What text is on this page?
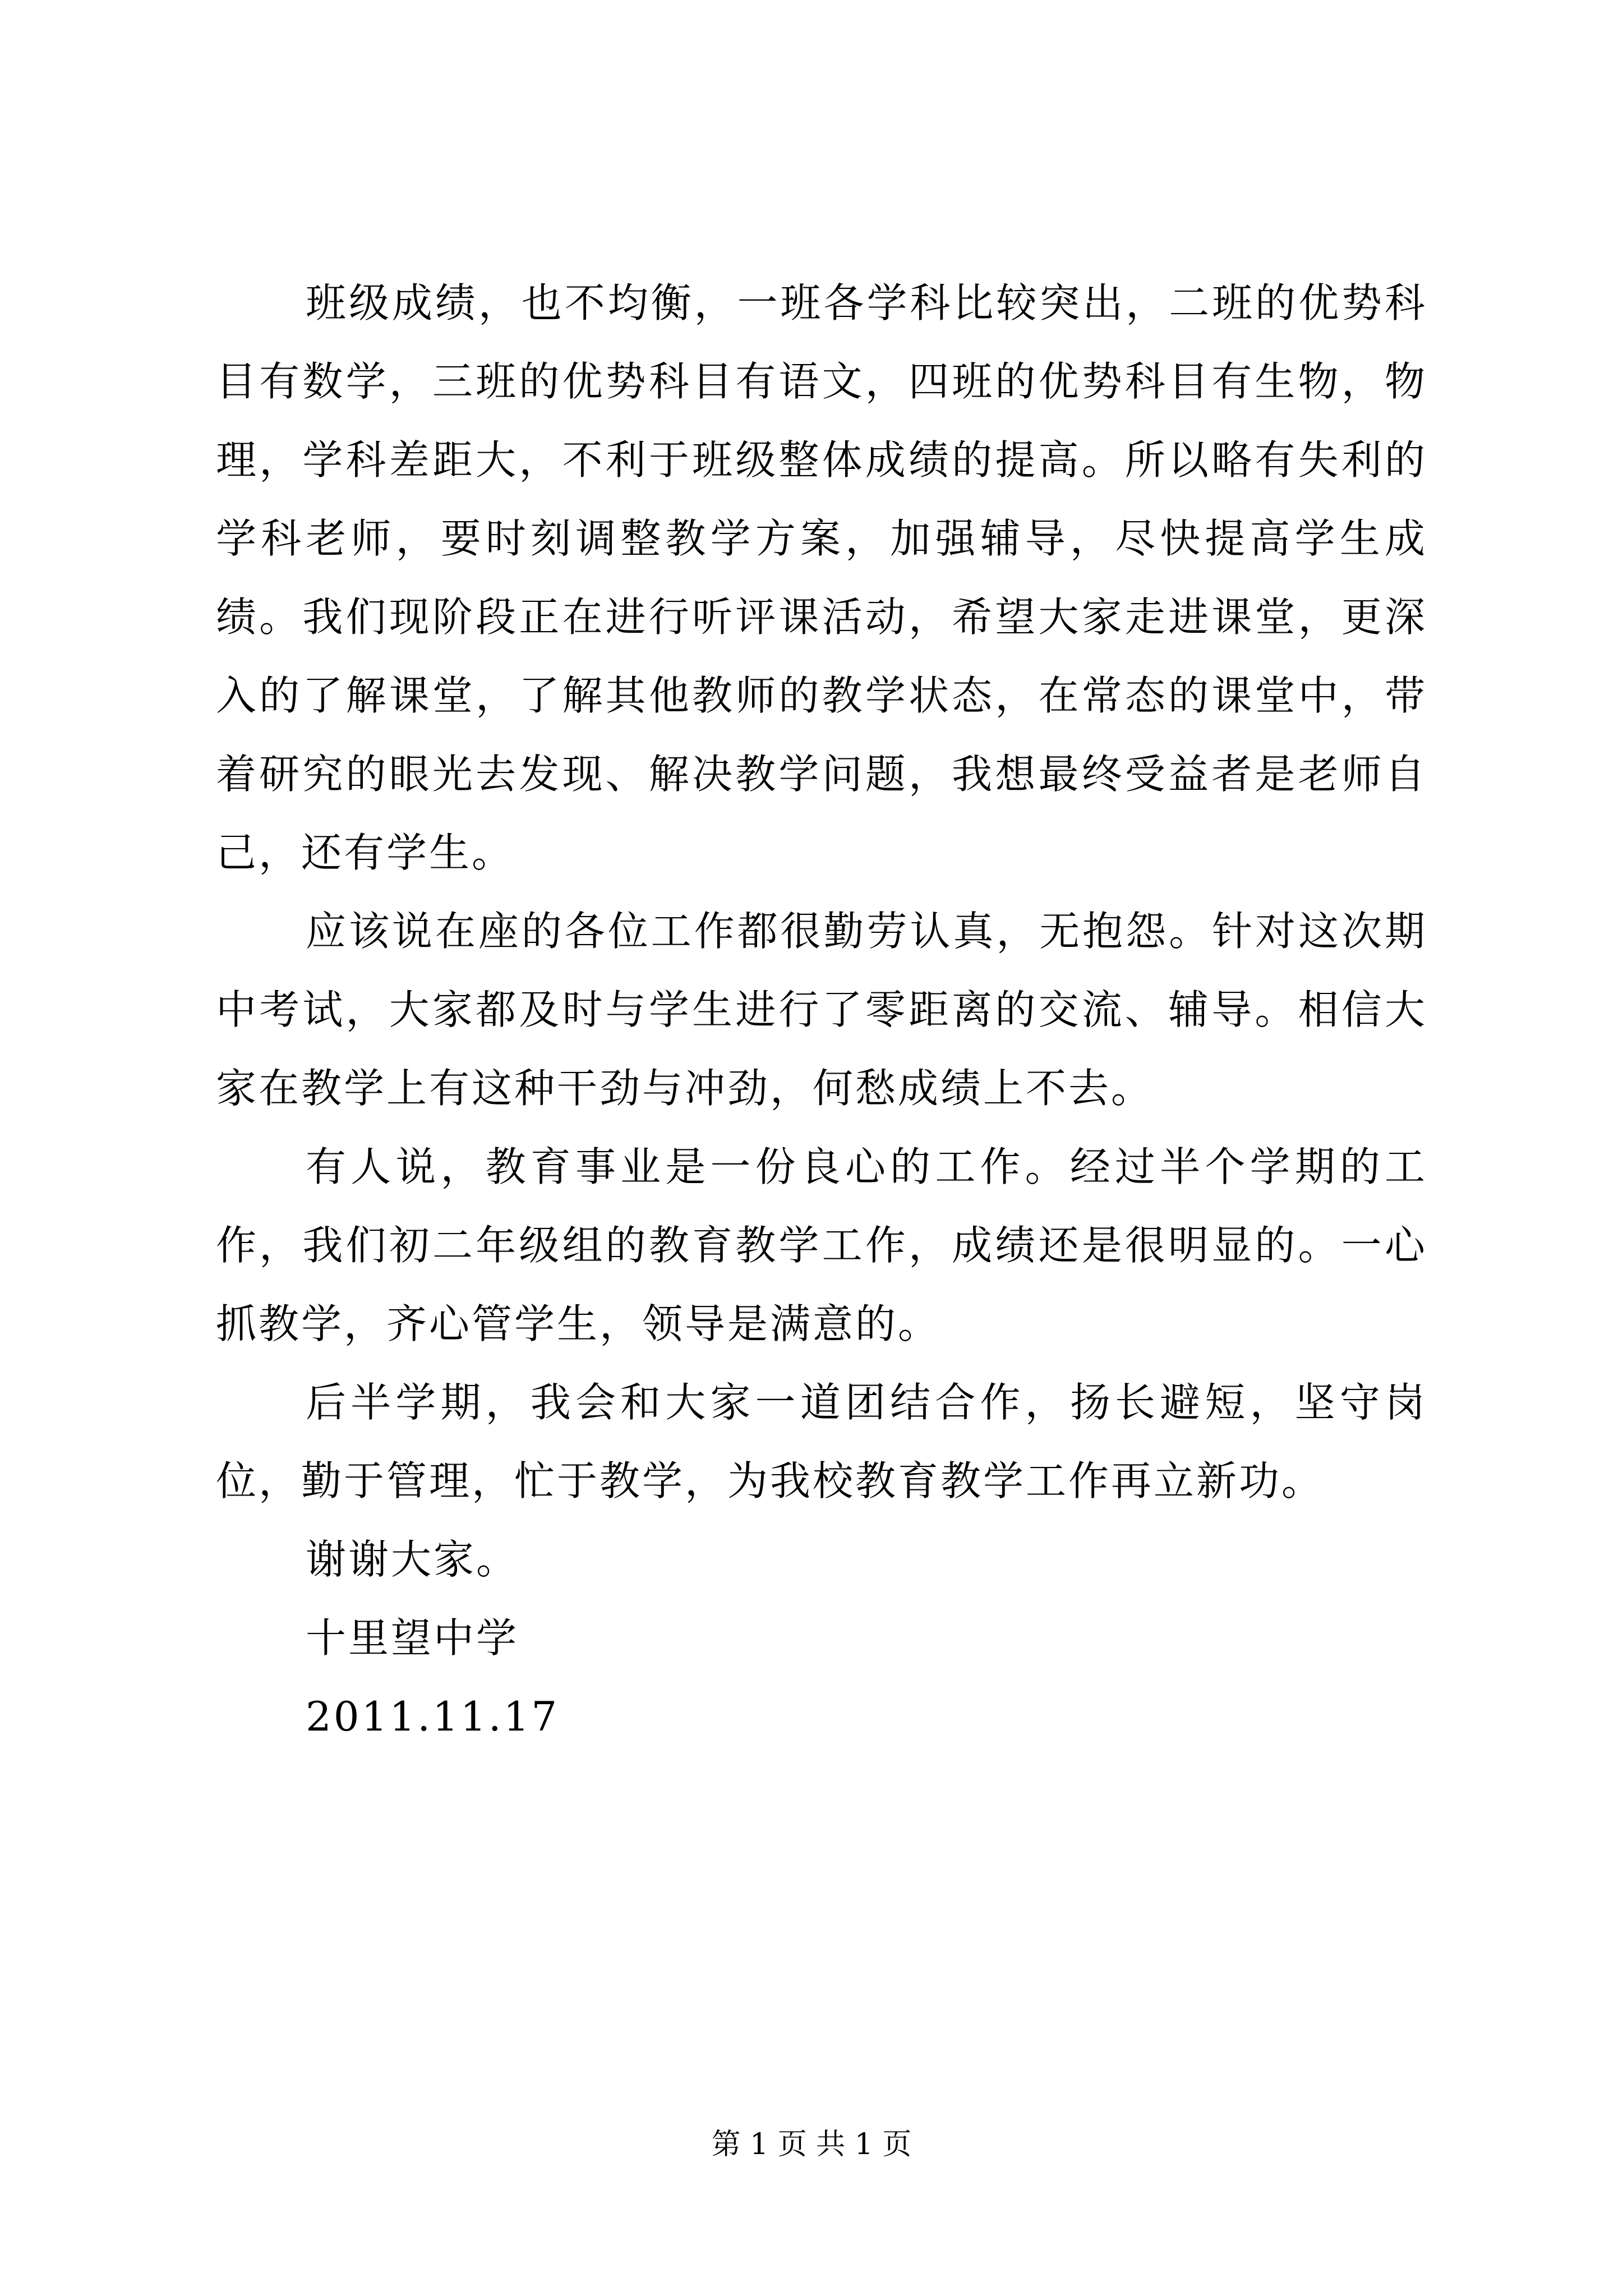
班级成绩，也不均衡，一班各学科比较突出，二班的优势科目有数学，三班的优势科目有语文，四班的优势科目有生物，物理，学科差距大，不利于班级整体成绩的提高。所以略有失利的学科老师，要时刻调整教学方案，加强辅导，尽快提高学生成绩。我们现阶段正在进行听评课活动，希望大家走进课堂，更深入的了解课堂，了解其他教师的教学状态，在常态的课堂中，带着研究的眼光去发现、解决教学问题，我想最终受益者是老师自己，还有学生。

应该说在座的各位工作都很勤劳认真，无抱怨。针对这次期中考试，大家都及时与学生进行了零距离的交流、辅导。相信大家在教学上有这种干劲与冲劲，何愁成绩上不去。

有人说，教育事业是一份良心的工作。经过半个学期的工作，我们初二年级组的教育教学工作，成绩还是很明显的。一心抓教学，齐心管学生，领导是满意的。

后半学期，我会和大家一道团结合作，扬长避短，坚守岗位，勤于管理，忙于教学，为我校教育教学工作再立新功。

谢谢大家。

十里望中学

2011.11.17

第 1 页 共 1 页
